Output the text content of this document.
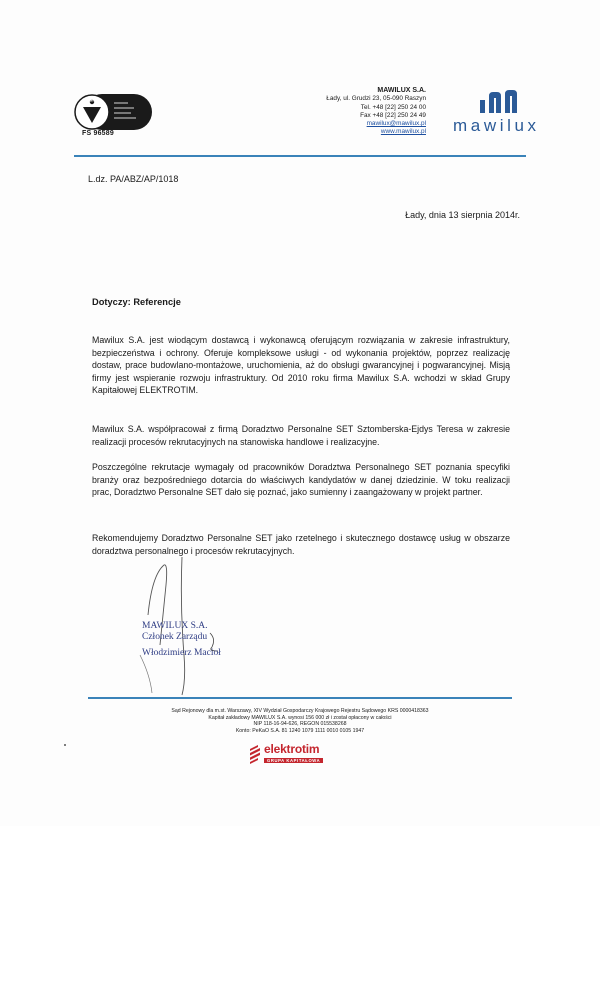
bsi.
FS 96589
MAWILUX S.A.
Łady, ul. Grudzi 23, 05-090 Raszyn
Tel. +48 [22] 250 24 00
Fax +48 [22] 250 24 49
mawilux@mawilux.pl
www.mawilux.pl mawilux
L.dz. PA/ABZ/AP/1018
Łady, dnia 13 sierpnia 2014r.
Dotyczy: Referencje
Mawilux S.A. jest wiodącym dostawcą i wykonawcą oferującym rozwiązania w zakresie infrastruktury, bezpieczeństwa i ochrony. Oferuje kompleksowe usługi - od wykonania projektów, poprzez realizację dostaw, prace budowlano-montażowe, uruchomienia, aż do obsługi gwarancyjnej i pogwarancyjnej. Misją firmy jest wspieranie rozwoju infrastruktury. Od 2010 roku firma Mawilux S.A. wchodzi w skład Grupy Kapitałowej ELEKTROTIM.
Mawilux S.A. współpracował z firmą Doradztwo Personalne SET Sztomberska-Ejdys Teresa w zakresie realizacji procesów rekrutacyjnych na stanowiska handlowe i realizacyjne.
Poszczególne rekrutacje wymagały od pracowników Doradztwa Personalnego SET poznania specyfiki branży oraz bezpośredniego dotarcia do właściwych kandydatów w danej dziedzinie. W toku realizacji prac, Doradztwo Personalne SET dało się poznać, jako sumienny i zaangażowany w projekt partner.
Rekomendujemy Doradztwo Personalne SET jako rzetelnego i skutecznego dostawcę usług w obszarze doradztwa personalnego i procesów rekrutacyjnych.
MAWILUX S.A.
Członek Zarządu
Włodzimierz Macioł
Sąd Rejonowy dla m.st. Warszawy, XIV Wydział Gospodarczy Krajowego Rejestru Sądowego KRS 0000418363
Kapitał zakładowy MAWILUX S.A. wynosi 156 000 zł i został opłacony w całości
NIP 118-16-94-626, REGON 015538268
Konto: PeKaO S.A. 81 1240 1079 1111 0010 0105 1947
elektrotim
GRUPA KAPITAŁOWA
